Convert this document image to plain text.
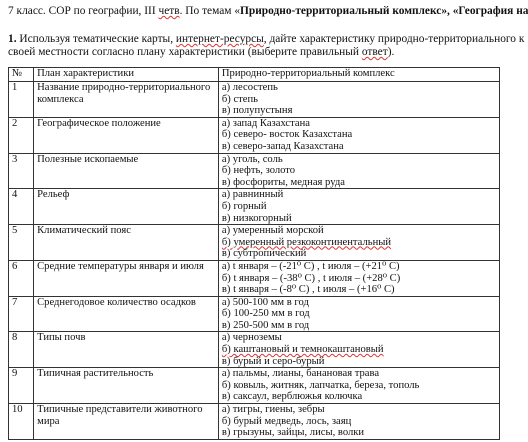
7 класс. СОР по географии, III четв. По темам «Природно-территориальный комплекс», «География на
1. Используя тематические карты, интернет-ресурсы, дайте характеристику природно-территориального к
своей местности согласно плану характеристики (выберите правильный ответ).
№	План характеристики	Природно-территориальный комплекс
1	Название природно-территориального комплекса	а) лесостепь
б) степь
в) полупустыня

2	Географическое положение	а) запад Казахстана
б) северо- восток Казахстана
в) северо-запад Казахстана

3	Полезные ископаемые	а) уголь, соль
б) нефть, золото
в) фосфориты, медная руда

4	Рельеф	а) равнинный
б) горный
в) низкогорный

5	Климатический пояс	а) умеренный морской
б) умеренный резкоконтинентальный
в) субтропический

6	Средние температуры января и июля	а) t января – (-21⁰ C) , t июля – (+21⁰ C)
б) t января – (-38⁰ C) , t июля – (+28⁰ C)
в) t января – (-8⁰ C) , t июля – (+16⁰ C)

7	Среднегодовое количество осадков	а) 500-100 мм в год
б) 100-250 мм в год
в) 250-500 мм в год

8	Типы почв	а) черноземы
б) каштановый и темнокаштановый
в) бурый и серо-бурый

9	Типичная растительность	а) пальмы, лианы, банановая трава
б) ковыль, житняк, лапчатка, береза, тополь
в) саксаул, верблюжья колючка

10	Типичные представители животного мира	а) тигры, гиены, зебры
б) бурый медведь, лось, заяц
в) грызуны, зайцы, лисы, волки
